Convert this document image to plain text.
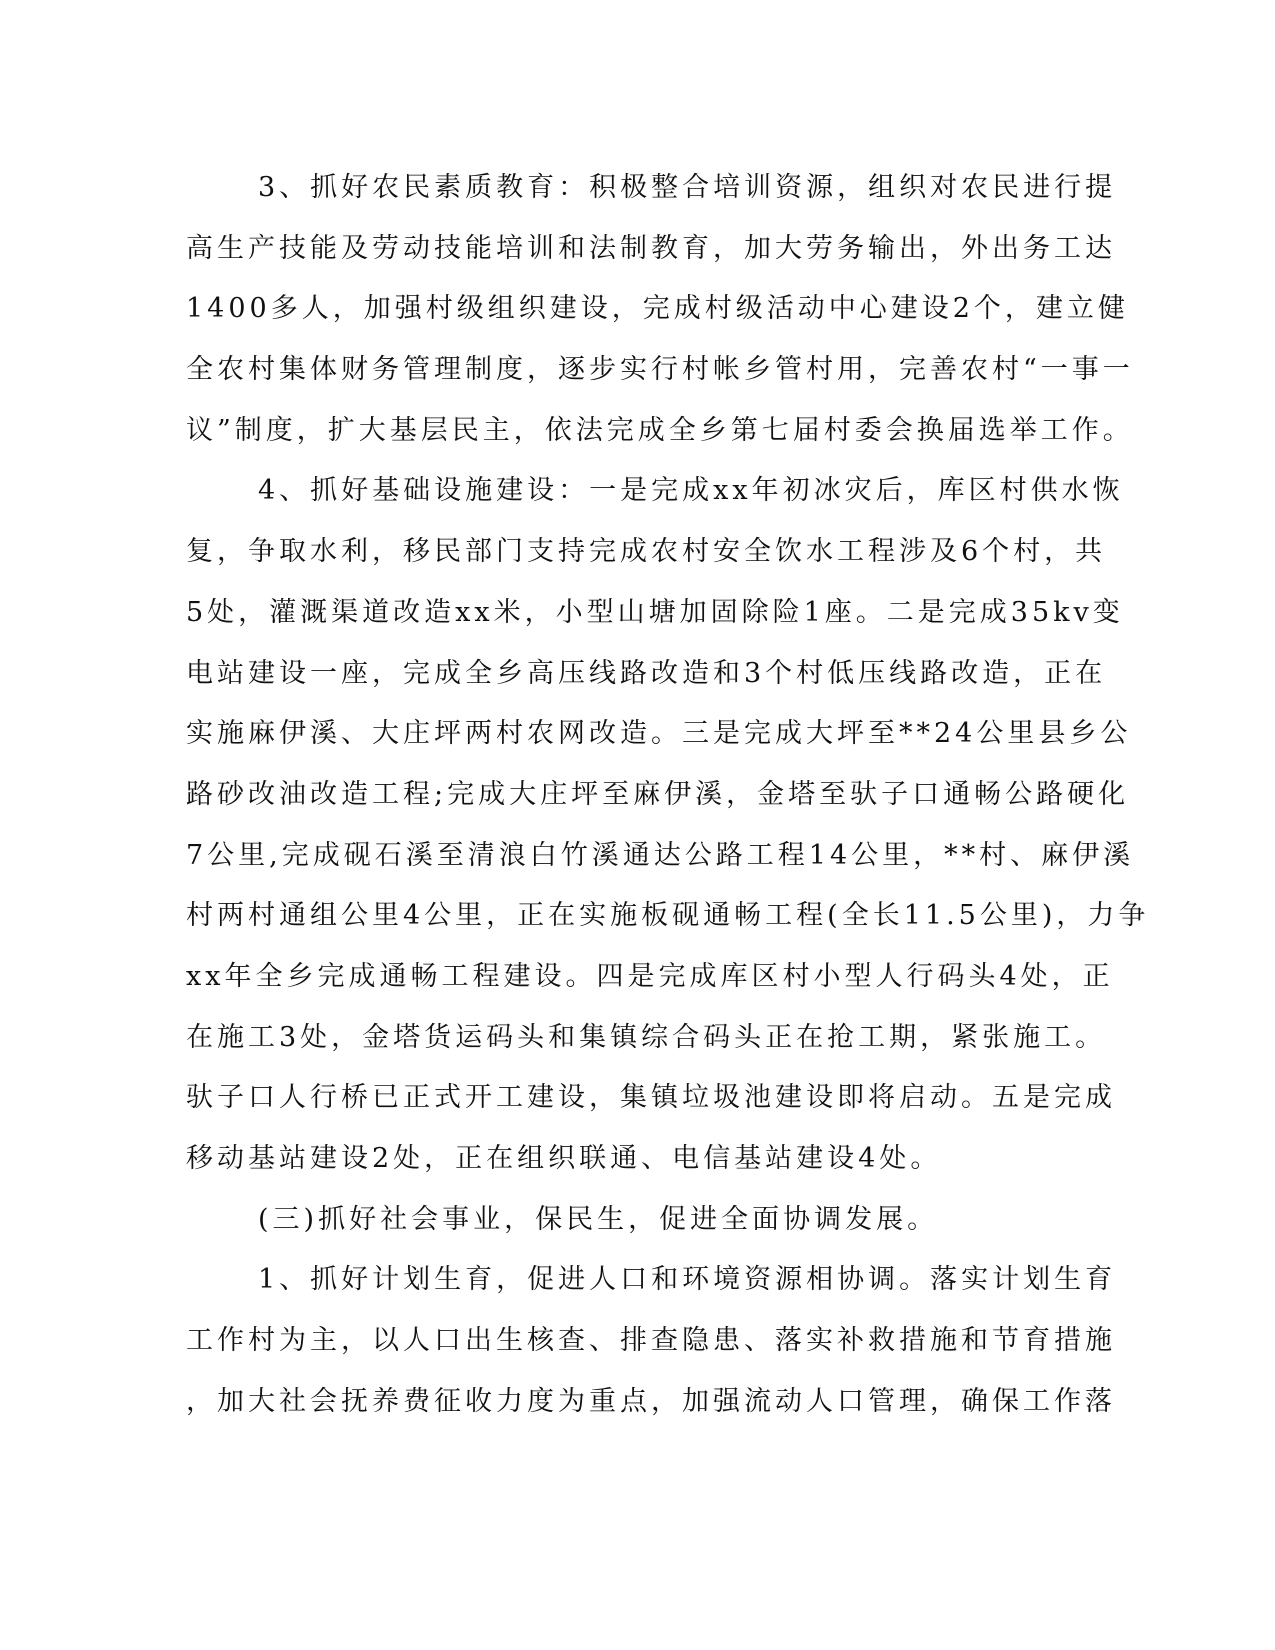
3、抓好农民素质教育：积极整合培训资源，组织对农民进行提
高生产技能及劳动技能培训和法制教育，加大劳务输出，外出务工达
1400多人，加强村级组织建设，完成村级活动中心建设2个，建立健
全农村集体财务管理制度，逐步实行村帐乡管村用，完善农村“一事一
议”制度，扩大基层民主，依法完成全乡第七届村委会换届选举工作。
4、抓好基础设施建设：一是完成xx年初冰灾后，库区村供水恢
复，争取水利，移民部门支持完成农村安全饮水工程涉及6个村，共
5处，灌溉渠道改造xx米，小型山塘加固除险1座。二是完成35kv变
电站建设一座，完成全乡高压线路改造和3个村低压线路改造，正在
实施麻伊溪、大庄坪两村农网改造。三是完成大坪至**24公里县乡公
路砂改油改造工程;完成大庄坪至麻伊溪，金塔至驮子口通畅公路硬化
7公里,完成砚石溪至清浪白竹溪通达公路工程14公里，**村、麻伊溪
村两村通组公里4公里，正在实施板砚通畅工程(全长11.5公里)，力争
xx年全乡完成通畅工程建设。四是完成库区村小型人行码头4处，正
在施工3处，金塔货运码头和集镇综合码头正在抢工期，紧张施工。
驮子口人行桥已正式开工建设，集镇垃圾池建设即将启动。五是完成
移动基站建设2处，正在组织联通、电信基站建设4处。
(三)抓好社会事业，保民生，促进全面协调发展。
1、抓好计划生育，促进人口和环境资源相协调。落实计划生育
工作村为主，以人口出生核查、排查隐患、落实补救措施和节育措施
，加大社会抚养费征收力度为重点，加强流动人口管理，确保工作落
